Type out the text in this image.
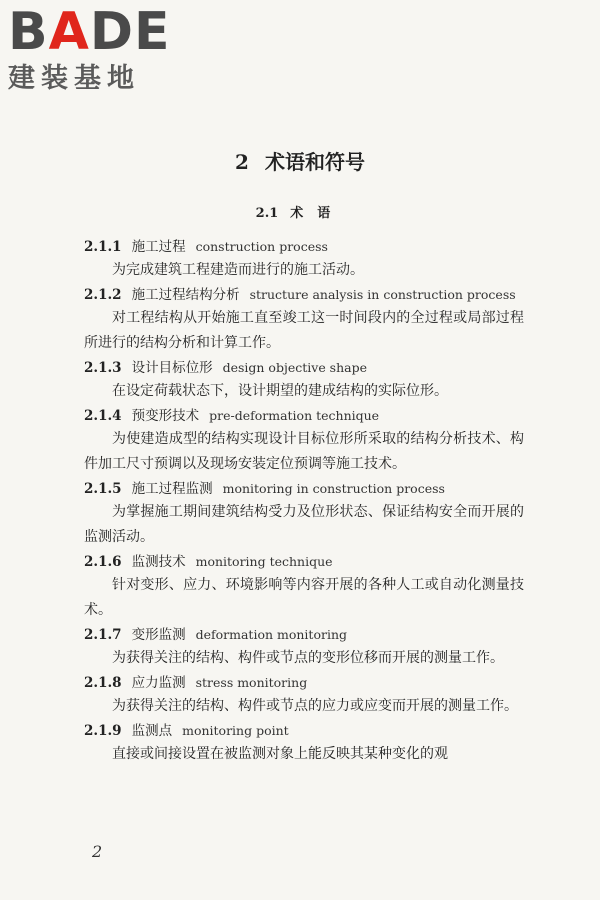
BADE
建装基地
2 术语和符号
2.1 术语
2.1.1 施工过程 construction process

为完成建筑工程建造而进行的施工活动。

2.1.2 施工过程结构分析 structure analysis in construction process

对工程结构从开始施工直至竣工这一时间段内的全过程或局部过程所进行的结构分析和计算工作。

2.1.3 设计目标位形 design objective shape

在设定荷载状态下，设计期望的建成结构的实际位形。

2.1.4 预变形技术 pre-deformation technique

为使建造成型的结构实现设计目标位形所采取的结构分析技术、构件加工尺寸预调以及现场安装定位预调等施工技术。

2.1.5 施工过程监测 monitoring in construction process

为掌握施工期间建筑结构受力及位形状态、保证结构安全而开展的监测活动。

2.1.6 监测技术 monitoring technique

针对变形、应力、环境影响等内容开展的各种人工或自动化测量技术。

2.1.7 变形监测 deformation monitoring

为获得关注的结构、构件或节点的变形位移而开展的测量工作。

2.1.8 应力监测 stress monitoring

为获得关注的结构、构件或节点的应力或应变而开展的测量工作。

2.1.9 监测点 monitoring point

直接或间接设置在被监测对象上能反映其某种变化的观

2
